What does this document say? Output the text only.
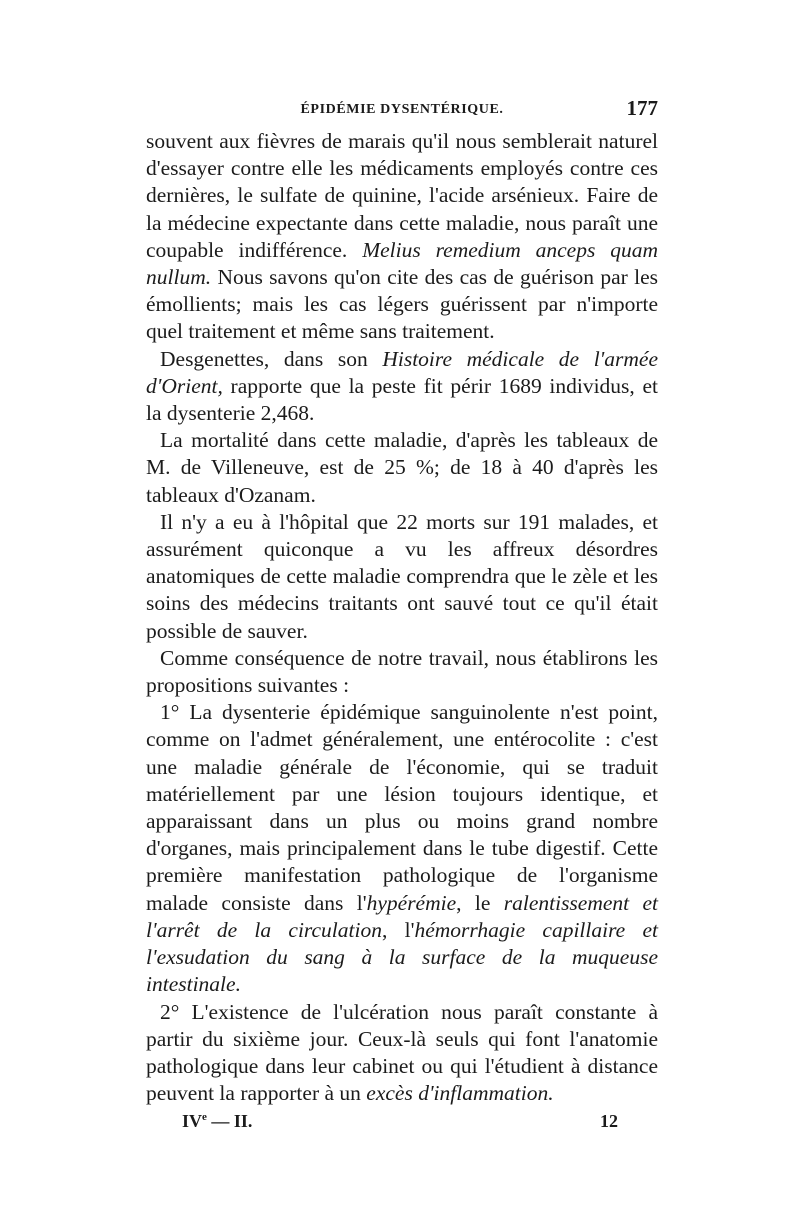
ÉPIDÉMIE DYSENTÉRIQUE.	177

souvent aux fièvres de marais qu'il nous semblerait naturel d'essayer contre elle les médicaments employés contre ces dernières, le sulfate de quinine, l'acide arsénieux. Faire de la médecine expectante dans cette maladie, nous paraît une coupable indifférence. Melius remedium anceps quam nullum. Nous savons qu'on cite des cas de guérison par les émollients; mais les cas légers guérissent par n'importe quel traitement et même sans traitement.

Desgenettes, dans son Histoire médicale de l'armée d'Orient, rapporte que la peste fit périr 1689 individus, et la dysenterie 2,468.

La mortalité dans cette maladie, d'après les tableaux de M. de Villeneuve, est de 25 %; de 18 à 40 d'après les tableaux d'Ozanam.

Il n'y a eu à l'hôpital que 22 morts sur 191 malades, et assurément quiconque a vu les affreux désordres anatomiques de cette maladie comprendra que le zèle et les soins des médecins traitants ont sauvé tout ce qu'il était possible de sauver.

Comme conséquence de notre travail, nous établirons les propositions suivantes :

1° La dysenterie épidémique sanguinolente n'est point, comme on l'admet généralement, une entérocolite : c'est une maladie générale de l'économie, qui se traduit matériellement par une lésion toujours identique, et apparaissant dans un plus ou moins grand nombre d'organes, mais principalement dans le tube digestif. Cette première manifestation pathologique de l'organisme malade consiste dans l'hypérémie, le ralentissement et l'arrêt de la circulation, l'hémorrhagie capillaire et l'exsudation du sang à la surface de la muqueuse intestinale.

2° L'existence de l'ulcération nous paraît constante à partir du sixième jour. Ceux-là seuls qui font l'anatomie pathologique dans leur cabinet ou qui l'étudient à distance peuvent la rapporter à un excès d'inflammation.

IVe — II.	12
